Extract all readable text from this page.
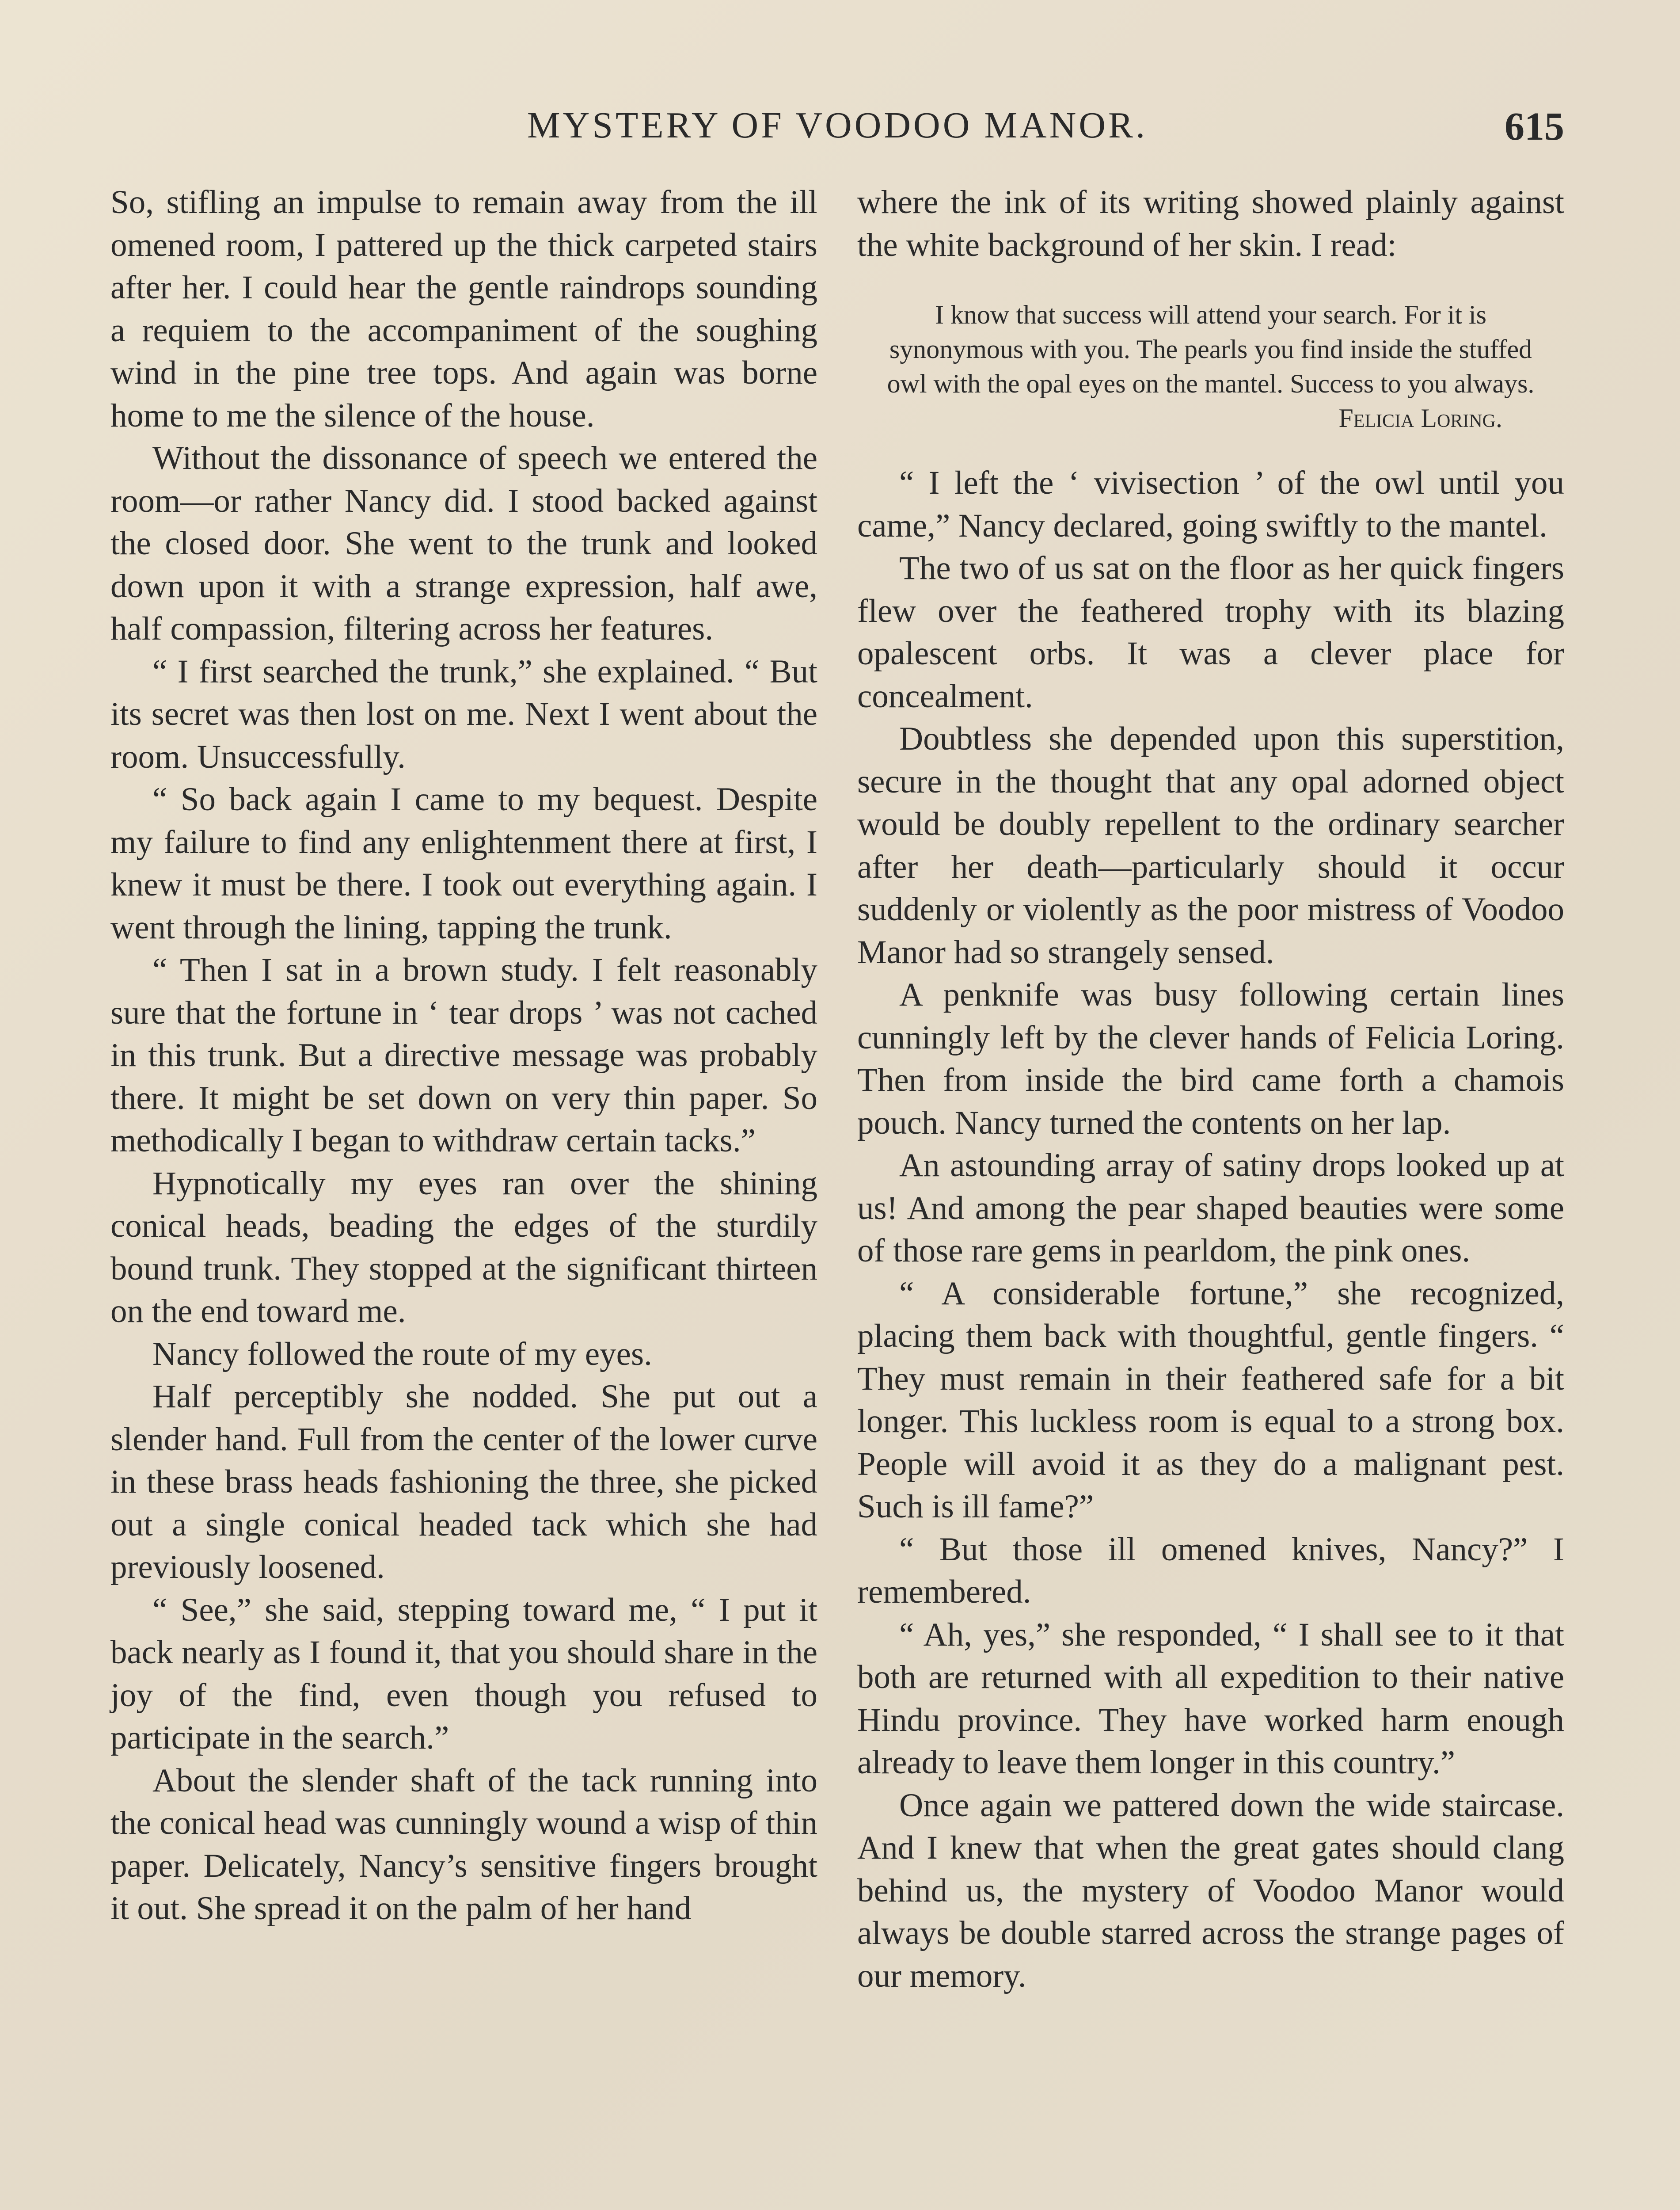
MYSTERY OF VOODOO MANOR.	615

So, stifling an impulse to remain away from the ill omened room, I pattered up the thick carpeted stairs after her. I could hear the gentle raindrops sounding a requiem to the accompaniment of the soughing wind in the pine tree tops. And again was borne home to me the silence of the house.

Without the dissonance of speech we entered the room—or rather Nancy did. I stood backed against the closed door. She went to the trunk and looked down upon it with a strange expression, half awe, half compassion, filtering across her features.

“ I first searched the trunk,” she explained. “ But its secret was then lost on me. Next I went about the room. Unsuccessfully.

“ So back again I came to my bequest. Despite my failure to find any enlightenment there at first, I knew it must be there. I took out everything again. I went through the lining, tapping the trunk.

“ Then I sat in a brown study. I felt reasonably sure that the fortune in ‘ tear drops ’ was not cached in this trunk. But a directive message was probably there. It might be set down on very thin paper. So methodically I began to withdraw certain tacks.”

Hypnotically my eyes ran over the shining conical heads, beading the edges of the sturdily bound trunk. They stopped at the significant thirteen on the end toward me.

Nancy followed the route of my eyes.

Half perceptibly she nodded. She put out a slender hand. Full from the center of the lower curve in these brass heads fashioning the three, she picked out a single conical headed tack which she had previously loosened.

“ See,” she said, stepping toward me, “ I put it back nearly as I found it, that you should share in the joy of the find, even though you refused to participate in the search.”

About the slender shaft of the tack running into the conical head was cunningly wound a wisp of thin paper. Delicately, Nancy’s sensitive fingers brought it out. She spread it on the palm of her hand

where the ink of its writing showed plainly against the white background of her skin. I read:

I know that success will attend your search. For it is synonymous with you. The pearls you find inside the stuffed owl with the opal eyes on the mantel. Success to you always.
Felicia Loring.

“ I left the ‘ vivisection ’ of the owl until you came,” Nancy declared, going swiftly to the mantel.

The two of us sat on the floor as her quick fingers flew over the feathered trophy with its blazing opalescent orbs. It was a clever place for concealment.

Doubtless she depended upon this superstition, secure in the thought that any opal adorned object would be doubly repellent to the ordinary searcher after her death—particularly should it occur suddenly or violently as the poor mistress of Voodoo Manor had so strangely sensed.

A penknife was busy following certain lines cunningly left by the clever hands of Felicia Loring. Then from inside the bird came forth a chamois pouch. Nancy turned the contents on her lap.

An astounding array of satiny drops looked up at us! And among the pear shaped beauties were some of those rare gems in pearldom, the pink ones.

“ A considerable fortune,” she recognized, placing them back with thoughtful, gentle fingers. “ They must remain in their feathered safe for a bit longer. This luckless room is equal to a strong box. People will avoid it as they do a malignant pest. Such is ill fame?”

“ But those ill omened knives, Nancy?” I remembered.

“ Ah, yes,” she responded, “ I shall see to it that both are returned with all expedition to their native Hindu province. They have worked harm enough already to leave them longer in this country.”

Once again we pattered down the wide staircase. And I knew that when the great gates should clang behind us, the mystery of Voodoo Manor would always be double starred across the strange pages of our memory.
